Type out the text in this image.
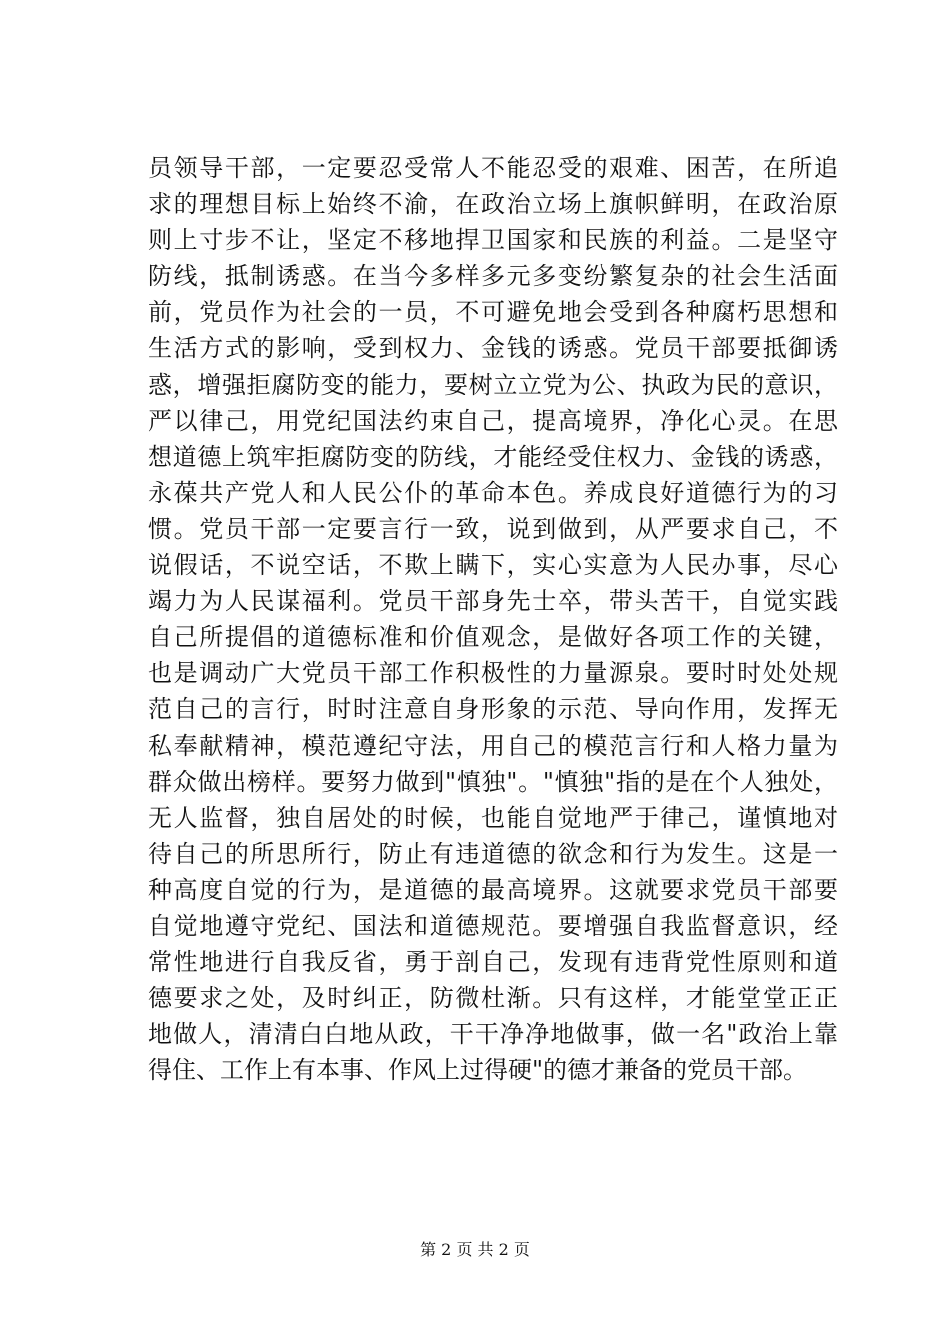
员领导干部，一定要忍受常人不能忍受的艰难、困苦，在所追
求的理想目标上始终不渝，在政治立场上旗帜鲜明，在政治原
则上寸步不让，坚定不移地捍卫国家和民族的利益。二是坚守
防线，抵制诱惑。在当今多样多元多变纷繁复杂的社会生活面
前，党员作为社会的一员，不可避免地会受到各种腐朽思想和
生活方式的影响，受到权力、金钱的诱惑。党员干部要抵御诱
惑，增强拒腐防变的能力，要树立立党为公、执政为民的意识，
严以律己，用党纪国法约束自己，提高境界，净化心灵。在思
想道德上筑牢拒腐防变的防线，才能经受住权力、金钱的诱惑，
永葆共产党人和人民公仆的革命本色。养成良好道德行为的习
惯。党员干部一定要言行一致，说到做到，从严要求自己，不
说假话，不说空话，不欺上瞒下，实心实意为人民办事，尽心
竭力为人民谋福利。党员干部身先士卒，带头苦干，自觉实践
自己所提倡的道德标准和价值观念，是做好各项工作的关键，
也是调动广大党员干部工作积极性的力量源泉。要时时处处规
范自己的言行，时时注意自身形象的示范、导向作用，发挥无
私奉献精神，模范遵纪守法，用自己的模范言行和人格力量为
群众做出榜样。要努力做到"慎独"。"慎独"指的是在个人独处，
无人监督，独自居处的时候，也能自觉地严于律己，谨慎地对
待自己的所思所行，防止有违道德的欲念和行为发生。这是一
种高度自觉的行为，是道德的最高境界。这就要求党员干部要
自觉地遵守党纪、国法和道德规范。要增强自我监督意识，经
常性地进行自我反省，勇于剖自己，发现有违背党性原则和道
德要求之处，及时纠正，防微杜渐。只有这样，才能堂堂正正
地做人，清清白白地从政，干干净净地做事，做一名"政治上靠
得住、工作上有本事、作风上过得硬"的德才兼备的党员干部。
第 2 页 共 2 页
